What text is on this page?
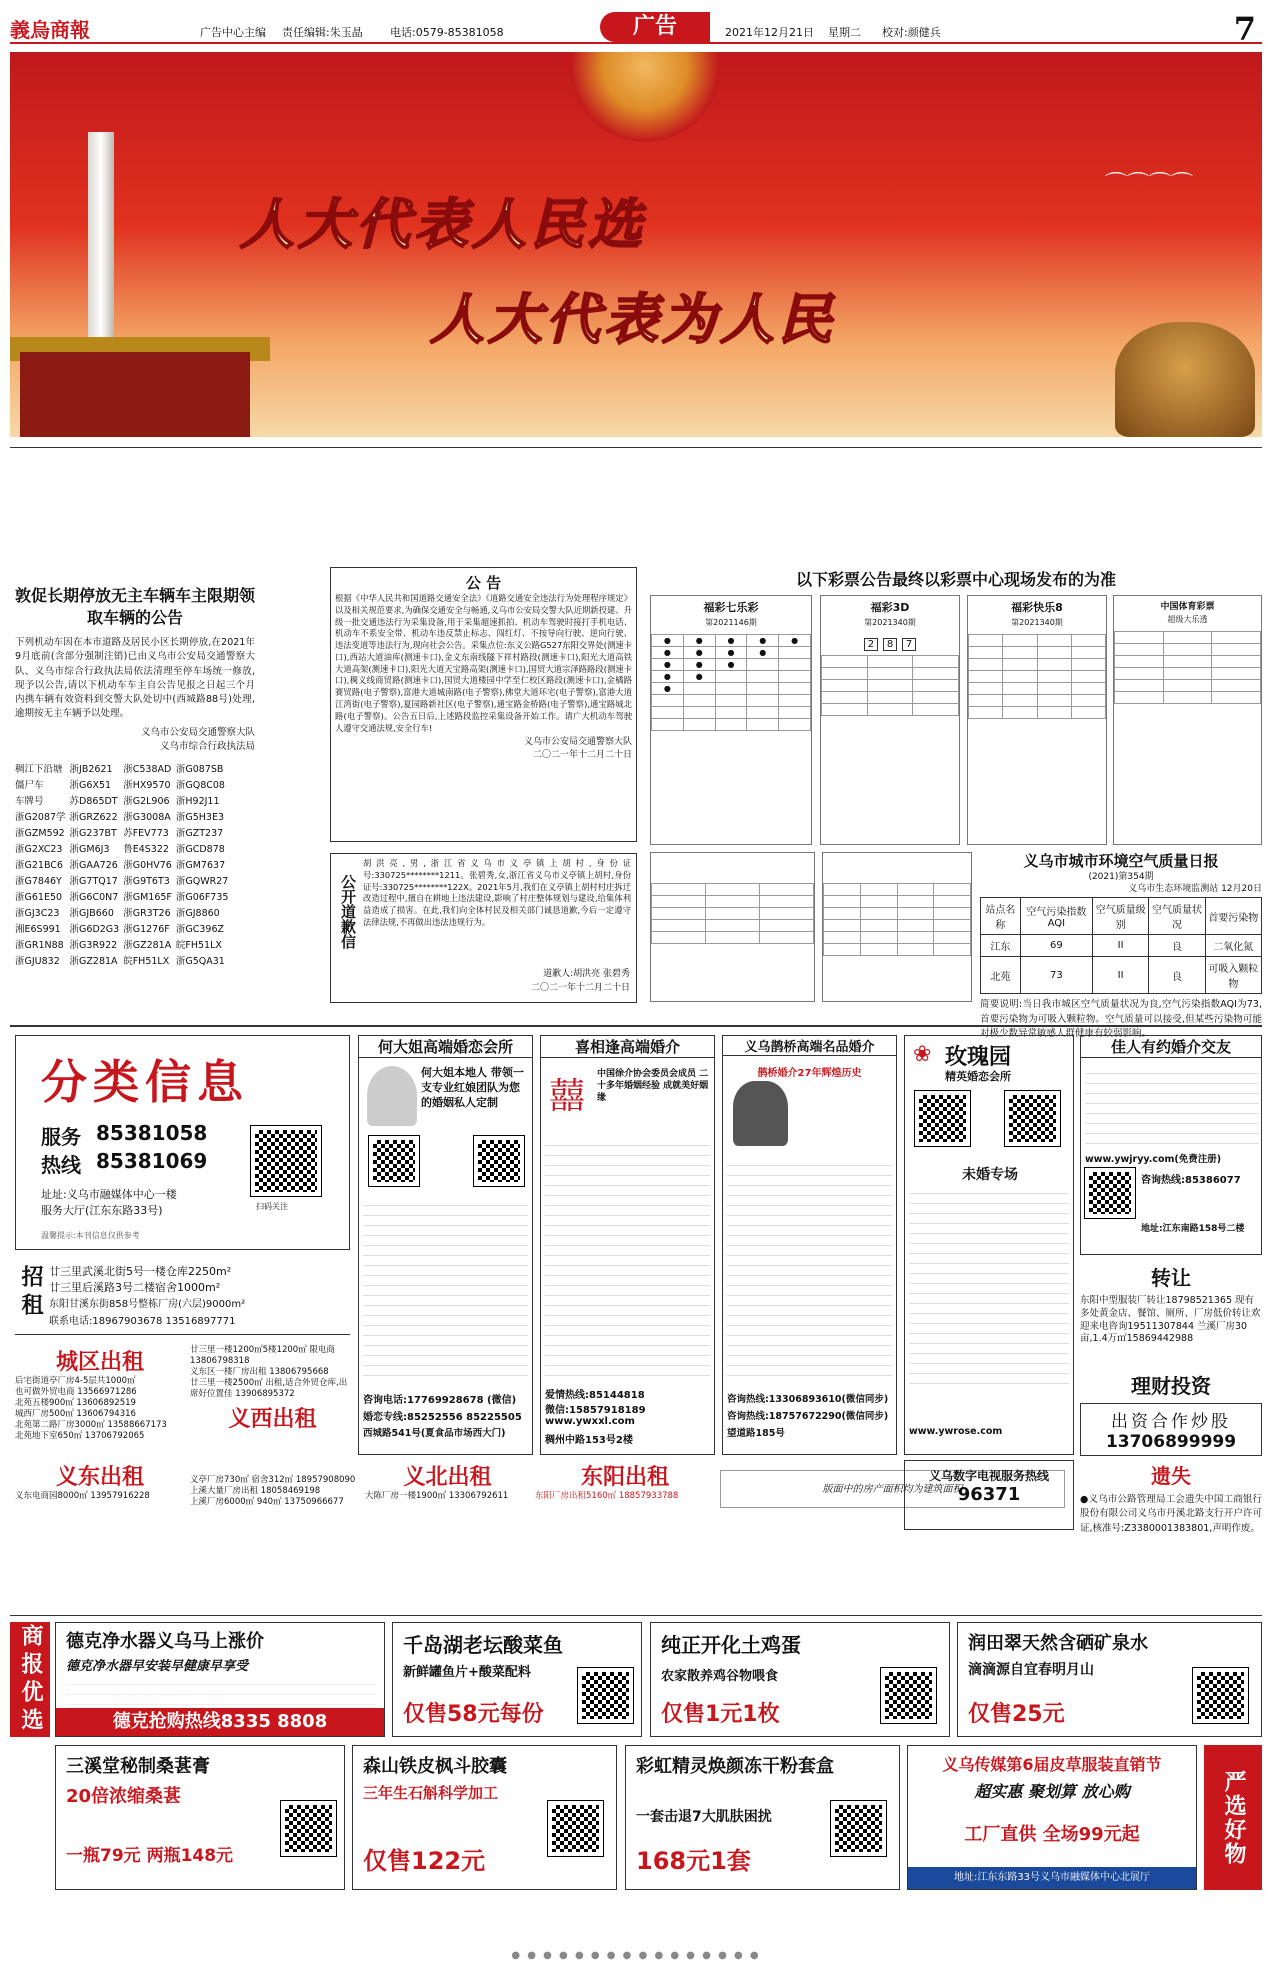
義烏商報	广告中心主编 责任编辑:朱玉晶 电话:0579-85381058	广告	2021年12月21日 星期二 校对:颜健兵	7
⌒⌒⌒⌒
人大代表人民选
人大代表为人民
敦促长期停放无主车辆车主限期领取车辆的公告
下列机动车因在本市道路及居民小区长期停放,在2021年9月底前(含部分强制注销)已由义乌市公安局交通警察大队、义乌市综合行政执法局依法清理至停车场统一修放,现予以公告,请以下机动车车主自公告见报之日起三个月内携车辆有效资料到交警大队处切中(西城路88号)处理,逾期按无主车辆予以处理。
义乌市公安局交通警察大队
义乌市综合行政执法局
稠江下沿塘	浙JB2621	浙C538AD	浙G087SB
僵尸车	浙G6X51	浙HX9570	浙GQ8C08
车牌号	苏D865DT	浙G2L906	浙H92J11
浙G2087学	浙GRZ622	浙G3008A	浙G5H3E3
浙GZM592	浙G237BT	苏FEV773	浙GZT237
浙G2XC23	浙GM6J3	鲁E4S322	浙GCD878
浙G21BC6	浙GAA726	浙G0HV76	浙GM7637
浙G7846Y	浙G7TQ17	浙G9T6T3	浙GQWR27
浙G61E50	浙G6C0N7	浙GM165F	浙G06F735
浙GJ3C23	浙GJB660	浙GR3T26	浙GJ8860
湘E6S991	浙G6D2G3	浙G1276F	浙GC396Z
浙GR1N88	浙G3R922	浙GZ281A	皖FH51LX
浙GJU832	浙GZ281A	皖FH51LX	浙G5QA31
公 告
根据《中华人民共和国道路交通安全法》《道路交通安全违法行为处理程序规定》以及相关规范要求,为确保交通安全与畅通,义乌市公安局交警大队近期新投建、升级一批交通违法行为采集设备,用于采集超速抓拍、机动车驾驶时接打手机电话、机动车不系安全带、机动车违反禁止标志、闯红灯、不按导向行驶、逆向行驶、违法变道等违法行为,现向社会公告。采集点位:东义公路G527东阳交界处(测速卡口),西站大道油库(测速卡口),金义东南线隧下祥村路段(测速卡口),阳光大道高铁大道高架(测速卡口),阳光大道天宝路高架(测速卡口),国贸大道宗泽路路段(测速卡口),稠义线商贸路(测速卡口),国贸大道楼园中学至仁校区路段(测速卡口),金橘路赛贸路(电子警察),富港大道城南路(电子警察),佛堂大道环宅(电子警察),富港大道江湾街(电子警察),夏园路新社区(电子警察),通宝路金桥路(电子警察),通宝路城北路(电子警察)。公告五日后,上述路段监控采集设备开始工作。请广大机动车驾驶人遵守交通法规,安全行车!
义乌市公安局交通警察大队
二〇二一年十二月二十日
公开道歉信
胡洪亮,男,浙江省义乌市义亭镇上胡村,身份证号:330725********1211。张碧秀,女,浙江省义乌市义亭镇上胡村,身份证号:330725********122X。2021年5月,我们在义亭镇上胡村村庄拆迁改造过程中,擅自在耕地上违法建设,影响了村庄整体规划与建设,给集体利益造成了损害。在此,我们向全体村民及相关部门诚恳道歉,今后一定遵守法律法规,不再做出违法违规行为。
道歉人:胡洪亮 张碧秀
二〇二一年十二月二十日
以下彩票公告最终以彩票中心现场发布的为准
福彩七乐彩
第2021146期
●	●	●	●	●
●	●	●	●	
●	●	●		
●	●			
●				

福彩3D
第2021340期
2 8 7

福彩快乐8
第2021340期

中国体育彩票
超级大乐透

义乌市城市环境空气质量日报
(2021)第354期
义乌市生态环境监测站 12月20日
站点名称	空气污染指数AQI	空气质量级别	空气质量状况	首要污染物
江东	69	II	良	二氧化氮
北苑	73	II	良	可吸入颗粒物
简要说明:当日我市城区空气质量状况为良,空气污染指数AQI为73,首要污染物为可吸入颗粒物。空气质量可以接受,但某些污染物可能对极少数异常敏感人群健康有较弱影响。
分类信息
服务 85381058
热线 85381069
扫码关注
址址:义乌市融媒体中心一楼
服务大厅(江东东路33号)
温馨提示:本刊信息仅供参考
招租 廿三里武溪北街5号一楼仓库2250m²
廿三里后溪路3号二楼宿舍1000m²
东阳甘溪东街858号整栋厂房(六层)9000m²
联系电话:18967903678 13516897771
城区出租
后宅街道亭厂房4-5层共1000㎡
也可做外贸电商 13566971286
北苑五楼900㎡ 13606892519
城西厂房500㎡ 13606794316
北苑第二路厂房3000㎡ 13588667173
北苑地下室650㎡ 13706792065
廿三里一楼1200㎡5楼1200㎡ 限电商 13806798318
义东区一楼厂房出租 13806795668
廿三里一楼2500㎡ 出租,适合外贸仓库,出席好位置佳 13906895372
义西出租
义东出租
义东电商园8000㎡ 13957916228
义亭厂房730㎡ 宿舍312㎡ 18957908090
上溪大量厂房出租 18058469198
上溪厂房6000㎡ 940㎡ 13750966677
义北出租
大陈厂房一楼1900㎡ 13306792611
东阳出租
东阳厂房出租5160㎡ 18857933788
版面中的房产面积均为建筑面积
何大姐高端婚恋会所
何大姐本地人 带领一支专业红娘团队为您的婚姻私人定制
咨询电话:17769928678 (微信)
婚恋专线:85252556 85225505
西城路541号(夏食品市场西大门)
喜相逢高端婚介
囍
中国徐介协会委员会成员 二十多年婚姻经验 成就美好姻缘
爱情热线:85144818
微信:15857918189
www.ywxxl.com
稠州中路153号2楼
义乌鹊桥高端名品婚介
鹊桥婚介27年辉煌历史
咨询热线:13306893610(微信同步)
咨询热线:18757672290(微信同步)
望道路185号
❀ 玫瑰园
精英婚恋会所
未婚专场
www.ywrose.com
佳人有约婚介交友
www.ywjryy.com(免费注册)
咨询热线:85386077
地址:江东南路158号二楼
转让
东阳中型服装厂转让18798521365 现有多处黄金店、餐馆、厕所、厂房低价转让欢迎来电咨询19511307844 兰溪厂房30亩,1.4万㎡15869442988
理财投资
出资合作炒股
13706899999
义乌数字电视服务热线
96371
遗失
●义乌市公路管理局工会遗失中国工商银行股份有限公司义乌市丹溪北路支行开户许可证,核准号:Z3380001383801,声明作废。
商报优选	德克净水器义乌马上涨价
德克净水器早安装早健康早享受
德克抢购热线8335 8808
千岛湖老坛酸菜鱼
新鲜罐鱼片+酸菜配料
仅售58元每份
纯正开化土鸡蛋
农家散养鸡谷物喂食
仅售1元1枚
润田翠天然含硒矿泉水
滴滴源自宜春明月山
仅售25元
三溪堂秘制桑葚膏
20倍浓缩桑葚
一瓶79元 两瓶148元
森山铁皮枫斗胶囊
三年生石斛科学加工
仅售122元
彩虹精灵焕颜冻干粉套盒
一套击退7大肌肤困扰
168元1套
义乌传媒第6届皮草服装直销节
超实惠 聚划算 放心购
工厂直供 全场99元起
地址:江东东路33号义乌市融媒体中心北展厅
严选好物
● ● ● ● ● ● ● ● ● ● ● ● ● ● ● ●
